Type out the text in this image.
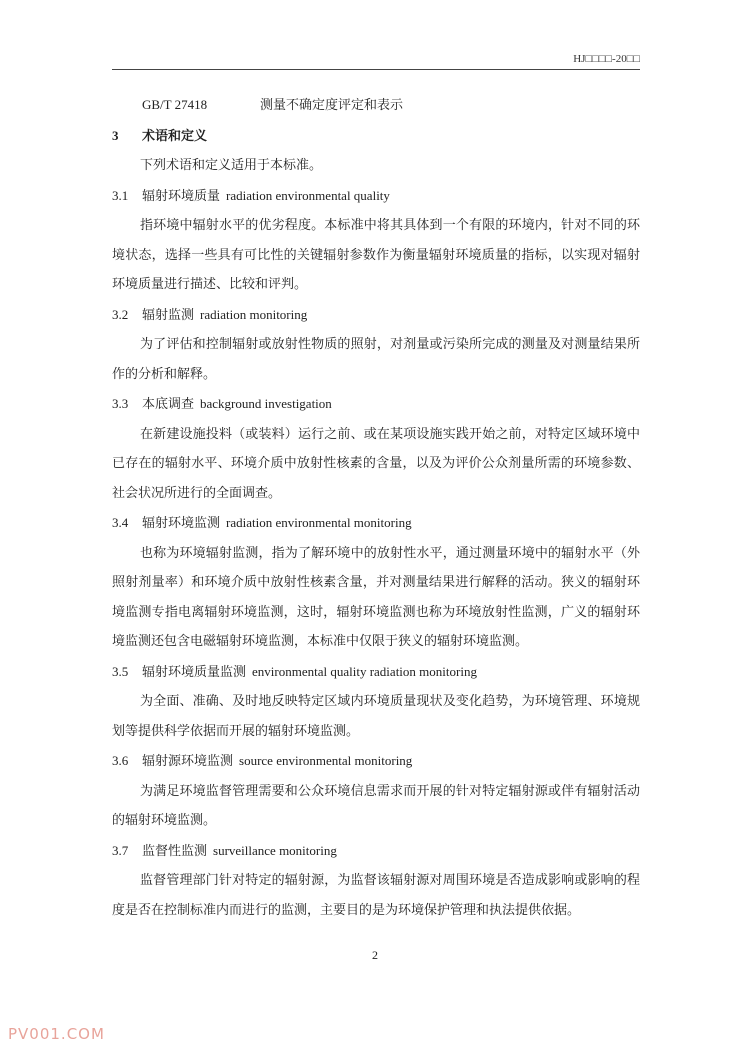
HJ□□□□-20□□

GB/T 27418	测量不确定度评定和表示

3 术语和定义

下列术语和定义适用于本标准。

3.1 辐射环境质量 radiation environmental quality

指环境中辐射水平的优劣程度。本标准中将其具体到一个有限的环境内，针对不同的环境状态，选择一些具有可比性的关键辐射参数作为衡量辐射环境质量的指标，以实现对辐射环境质量进行描述、比较和评判。

3.2 辐射监测 radiation monitoring

为了评估和控制辐射或放射性物质的照射，对剂量或污染所完成的测量及对测量结果所作的分析和解释。

3.3 本底调查 background investigation

在新建设施投料（或装料）运行之前、或在某项设施实践开始之前，对特定区域环境中已存在的辐射水平、环境介质中放射性核素的含量，以及为评价公众剂量所需的环境参数、社会状况所进行的全面调查。

3.4 辐射环境监测 radiation environmental monitoring

也称为环境辐射监测，指为了解环境中的放射性水平，通过测量环境中的辐射水平（外照射剂量率）和环境介质中放射性核素含量，并对测量结果进行解释的活动。狭义的辐射环境监测专指电离辐射环境监测，这时，辐射环境监测也称为环境放射性监测，广义的辐射环境监测还包含电磁辐射环境监测，本标准中仅限于狭义的辐射环境监测。

3.5 辐射环境质量监测 environmental quality radiation monitoring

为全面、准确、及时地反映特定区域内环境质量现状及变化趋势，为环境管理、环境规划等提供科学依据而开展的辐射环境监测。

3.6 辐射源环境监测 source environmental monitoring

为满足环境监督管理需要和公众环境信息需求而开展的针对特定辐射源或伴有辐射活动的辐射环境监测。

3.7 监督性监测 surveillance monitoring

监督管理部门针对特定的辐射源，为监督该辐射源对周围环境是否造成影响或影响的程度是否在控制标准内而进行的监测，主要目的是为环境保护管理和执法提供依据。

2
PV001.COM
